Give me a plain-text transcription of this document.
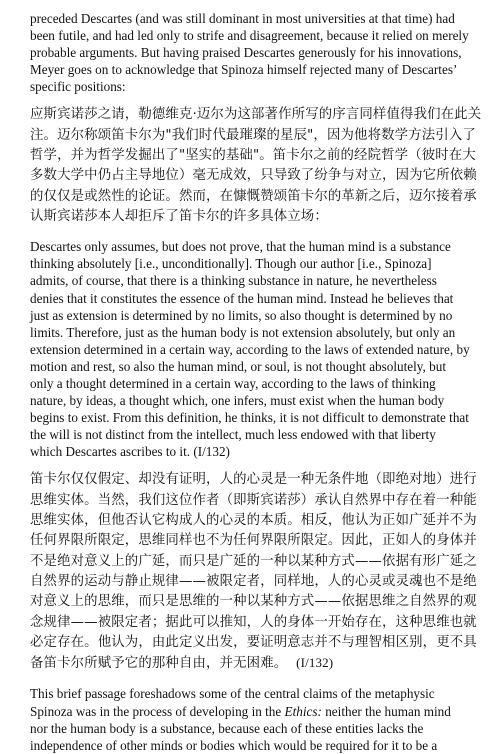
preceded Descartes (and was still dominant in most universities at that time) had
been futile, and had led only to strife and disagreement, because it relied on merely
probable arguments. But having praised Descartes generously for his innovations,
Meyer goes on to acknowledge that Spinoza himself rejected many of Descartes’
specific positions:

应斯宾诺莎之请，勒德维克·迈尔为这部著作所写的序言同样值得我们在此关
注。迈尔称颂笛卡尔为"我们时代最璀璨的星辰"，因为他将数学方法引入了
哲学，并为哲学发掘出了"坚实的基础"。笛卡尔之前的经院哲学（彼时在大
多数大学中仍占主导地位）毫无成效，只导致了纷争与对立，因为它所依赖
的仅仅是或然性的论证。然而，在慷慨赞颂笛卡尔的革新之后，迈尔接着承
认斯宾诺莎本人却拒斥了笛卡尔的许多具体立场：

Descartes only assumes, but does not prove, that the human mind is a substance
thinking absolutely [i.e., unconditionally]. Though our author [i.e., Spinoza]
admits, of course, that there is a thinking substance in nature, he nevertheless
denies that it constitutes the essence of the human mind. Instead he believes that
just as extension is determined by no limits, so also thought is determined by no
limits. Therefore, just as the human body is not extension absolutely, but only an
extension determined in a certain way, according to the laws of extended nature, by
motion and rest, so also the human mind, or soul, is not thought absolutely, but
only a thought determined in a certain way, according to the laws of thinking
nature, by ideas, a thought which, one infers, must exist when the human body
begins to exist. From this definition, he thinks, it is not difficult to demonstrate that
the will is not distinct from the intellect, much less endowed with that liberty
which Descartes ascribes to it. (I/132)

笛卡尔仅仅假定、却没有证明，人的心灵是一种无条件地（即绝对地）进行
思维实体。当然，我们这位作者（即斯宾诺莎）承认自然界中存在着一种能
思维实体，但他否认它构成人的心灵的本质。相反，他认为正如广延并不为
任何界限所限定，思维同样也不为任何界限所限定。因此，正如人的身体并
不是绝对意义上的广延，而只是广延的一种以某种方式——依据有形广延之
自然界的运动与静止规律——被限定者，同样地，人的心灵或灵魂也不是绝
对意义上的思维，而只是思维的一种以某种方式——依据思维之自然界的观
念规律——被限定者；据此可以推知，人的身体一开始存在，这种思维也就
必定存在。他认为，由此定义出发，要证明意志并不与理智相区别，更不具
备笛卡尔所赋予它的那种自由，并无困难。 (I/132)

This brief passage foreshadows some of the central claims of the metaphysic
Spinoza was in the process of developing in the Ethics: neither the human mind
nor the human body is a substance, because each of these entities lacks the
independence of other minds or bodies which would be required for it to be a
